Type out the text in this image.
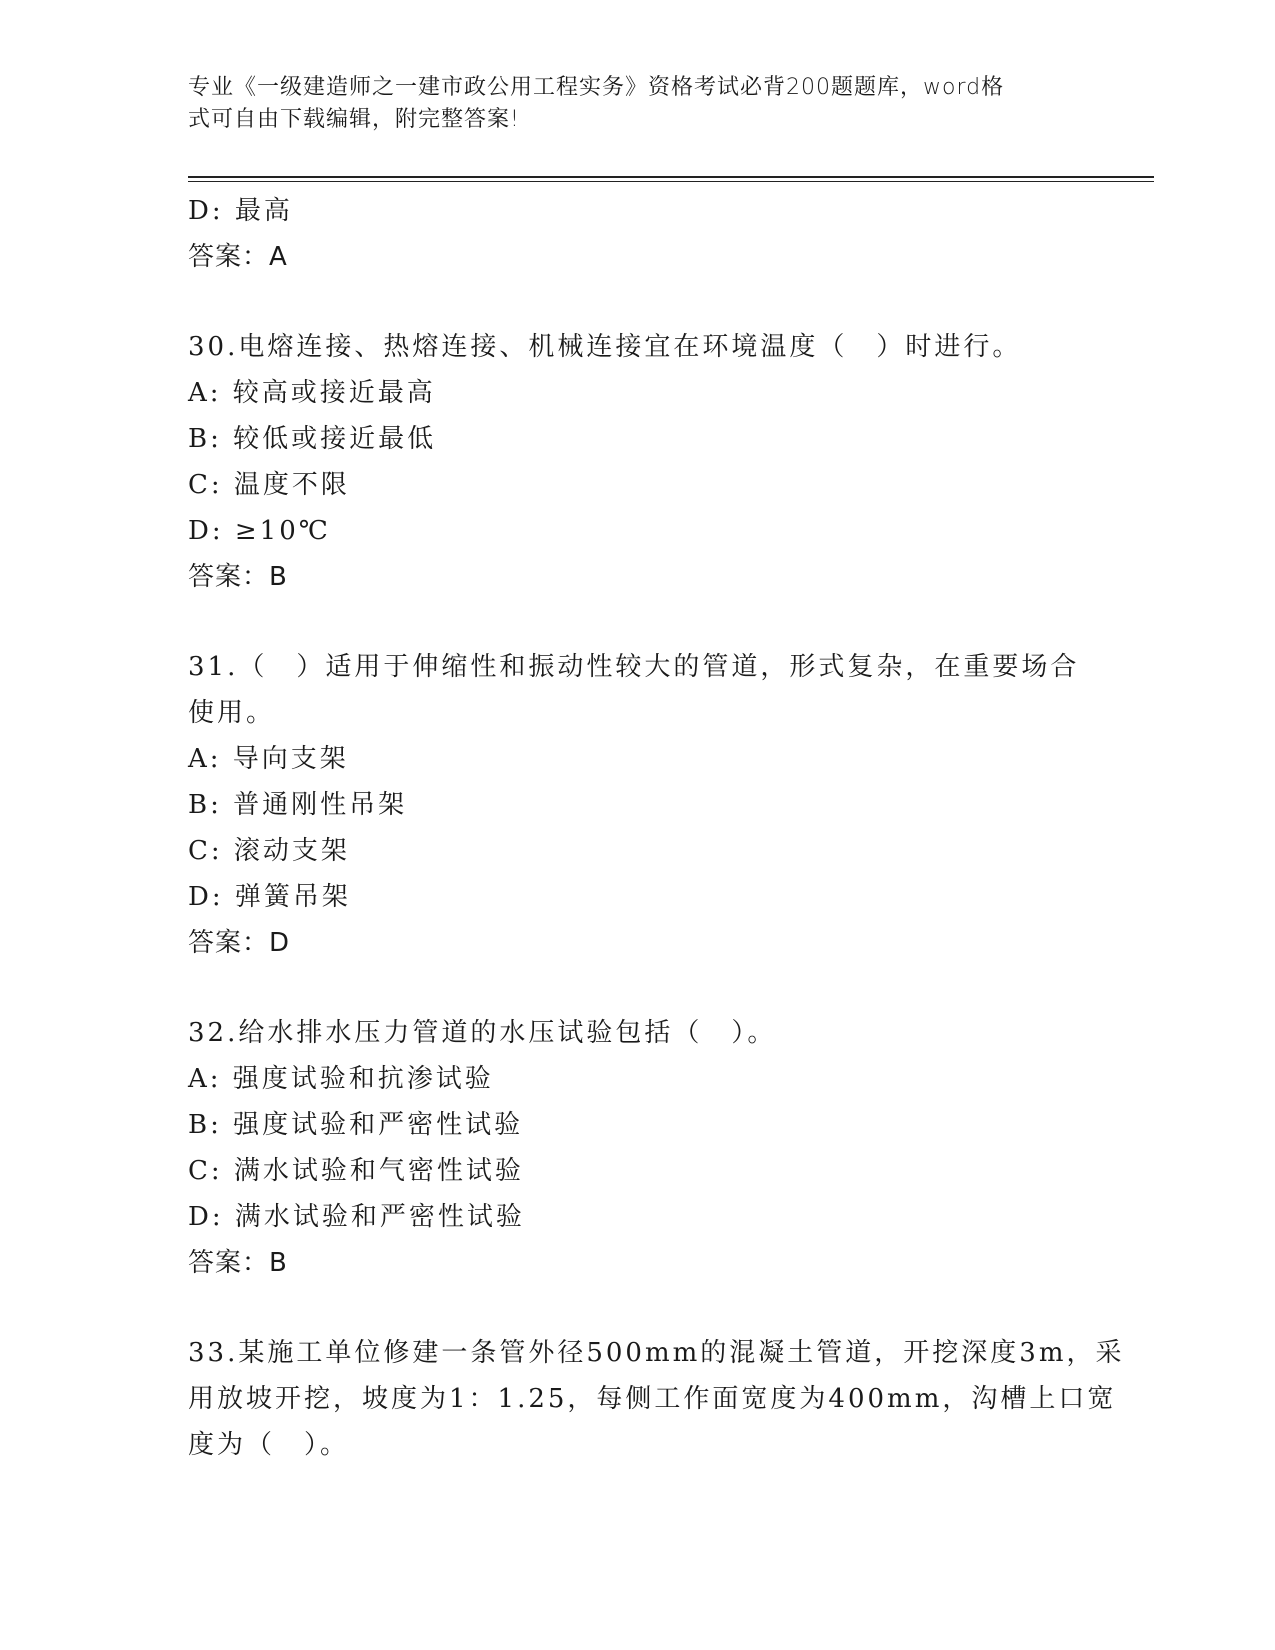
专业《一级建造师之一建市政公用工程实务》资格考试必背200题题库，word格
式可自由下载编辑，附完整答案!
D: 最高
答案：A
30.电熔连接、热熔连接、机械连接宜在环境温度（　）时进行。
A: 较高或接近最高
B: 较低或接近最低
C: 温度不限
D: ≥10℃
答案：B
31.（　）适用于伸缩性和振动性较大的管道，形式复杂，在重要场合
使用。
A: 导向支架
B: 普通刚性吊架
C: 滚动支架
D: 弹簧吊架
答案：D
32.给水排水压力管道的水压试验包括（　）。
A: 强度试验和抗渗试验
B: 强度试验和严密性试验
C: 满水试验和气密性试验
D: 满水试验和严密性试验
答案：B
33.某施工单位修建一条管外径500mm的混凝土管道，开挖深度3m，采
用放坡开挖，坡度为1：1.25，每侧工作面宽度为400mm，沟槽上口宽
度为（　）。
